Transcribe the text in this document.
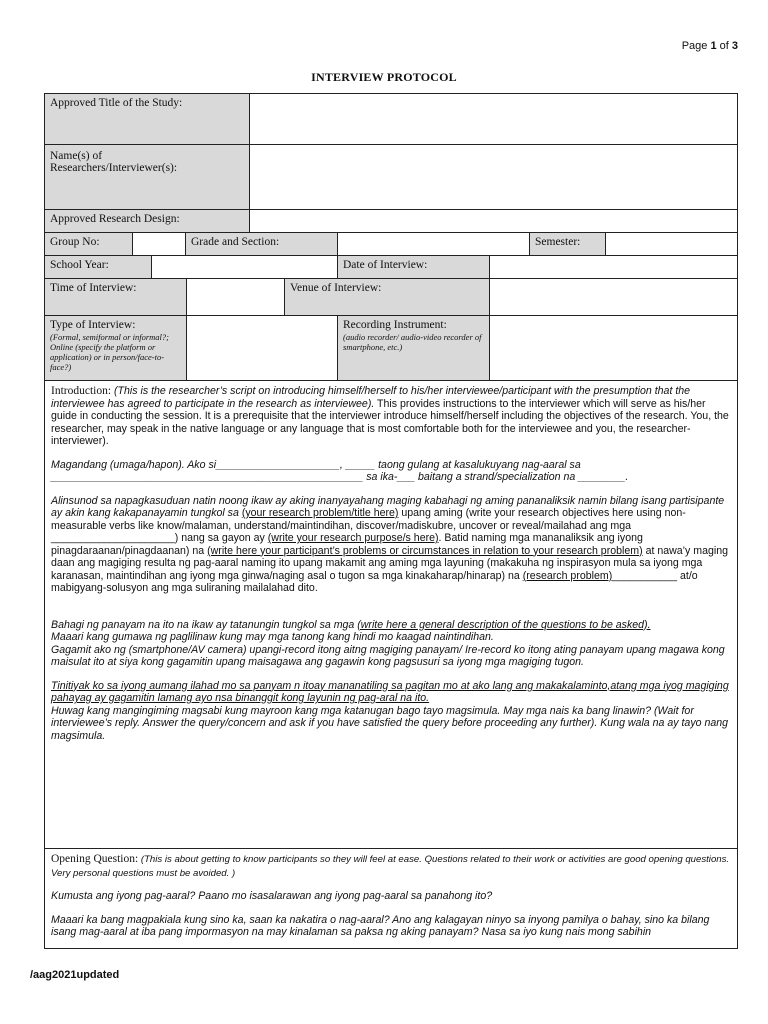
Page 1 of 3
INTERVIEW PROTOCOL
Approved Title of the Study:
Name(s) of
Researchers/Interviewer(s):
Approved Research Design:
Group No:	Grade and Section:	Semester:
School Year:	Date of Interview:
Time of Interview:	Venue of Interview:
Type of Interview:
(Formal, semiformal or informal?; Online (specify the platform or application) or in person/face-to-face?)
Recording Instrument:
(audio recorder/ audio-video recorder of smartphone, etc.)

Introduction: (This is the researcher’s script on introducing himself/herself to his/her interviewee/participant with the presumption that the interviewee has agreed to participate in the research as interviewee). This provides instructions to the interviewer which will serve as his/her guide in conducting the session. It is a prerequisite that the interviewer introduce himself/herself including the objectives of the research. You, the researcher, may speak in the native language or any language that is most comfortable both for the interviewee and you, the researcher-interviewer).

Magandang (umaga/hapon). Ako si_____________________, _____ taong gulang at kasalukuyang nag-aaral sa
_____________________________________________________ sa ika-___ baitang a strand/specialization na ________.

Alinsunod sa napagkasuduan natin noong ikaw ay aking inanyayahang maging kabahagi ng aming pananaliksik namin bilang isang partisipante ay akin kang kakapanayamin tungkol sa (your research problem/title here) upang aming (write your research objectives here using non-measurable verbs like know/malaman, understand/maintindihan, discover/madiskubre, uncover or reveal/mailahad ang mga _____________________) nang sa gayon ay (write your research purpose/s here). Batid naming mga mananaliksik ang iyong pinagdaraanan/pinagdaanan) na (write here your participant’s problems or circumstances in relation to your research problem) at nawa’y maging daan ang magiging resulta ng pag-aaral naming ito upang makamit ang aming mga layuning (makakuha ng inspirasyon mula sa iyong mga karanasan, maintindihan ang iyong mga ginwa/naging asal o tugon sa mga kinakaharap/hinarap) na (research problem)___________ at/o mabigyang-solusyon ang mga suliraning mailalahad dito.

Bahagi ng panayam na ito na ikaw ay tatanungin tungkol sa mga (write here a general description of the questions to be asked).
Maaari kang gumawa ng paglilinaw kung may mga tanong kang hindi mo kaagad naintindihan.
Gagamit ako ng (smartphone/AV camera) upangi-record itong aitng magiging panayam/ Ire-record ko itong ating panayam upang magawa kong maisulat ito at siya kong gagamitin upang maisagawa ang gagawin kong pagsusuri sa iyong mga magiging tugon.

Tinitiyak ko sa iyong aumang ilahad mo sa panyam n itoay mananatiling sa pagitan mo at ako lang ang makakalaminto,atang mga iyog magiging pahayag ay gagamitin lamang ayo nsa binanggit kong layunin ng pag-aral na ito.
Huwag kang mangingiming magsabi kung mayroon kang mga katanugan bago tayo magsimula. May mga nais ka bang linawin? (Wait for interviewee’s reply. Answer the query/concern and ask if you have satisfied the query before proceeding any further). Kung wala na ay tayo nang magsimula.

Opening Question: (This is about getting to know participants so they will feel at ease. Questions related to their work or activities are good opening questions. Very personal questions must be avoided. )

Kumusta ang iyong pag-aaral? Paano mo isasalarawan ang iyong pag-aaral sa panahong ito?

Maaari ka bang magpakiala kung sino ka, saan ka nakatira o nag-aaral? Ano ang kalagayan ninyo sa inyong pamilya o bahay, sino ka bilang isang mag-aaral at iba pang impormasyon na may kinalaman sa paksa ng aking panayam? Nasa sa iyo kung nais mong sabihin

/aag2021updated
